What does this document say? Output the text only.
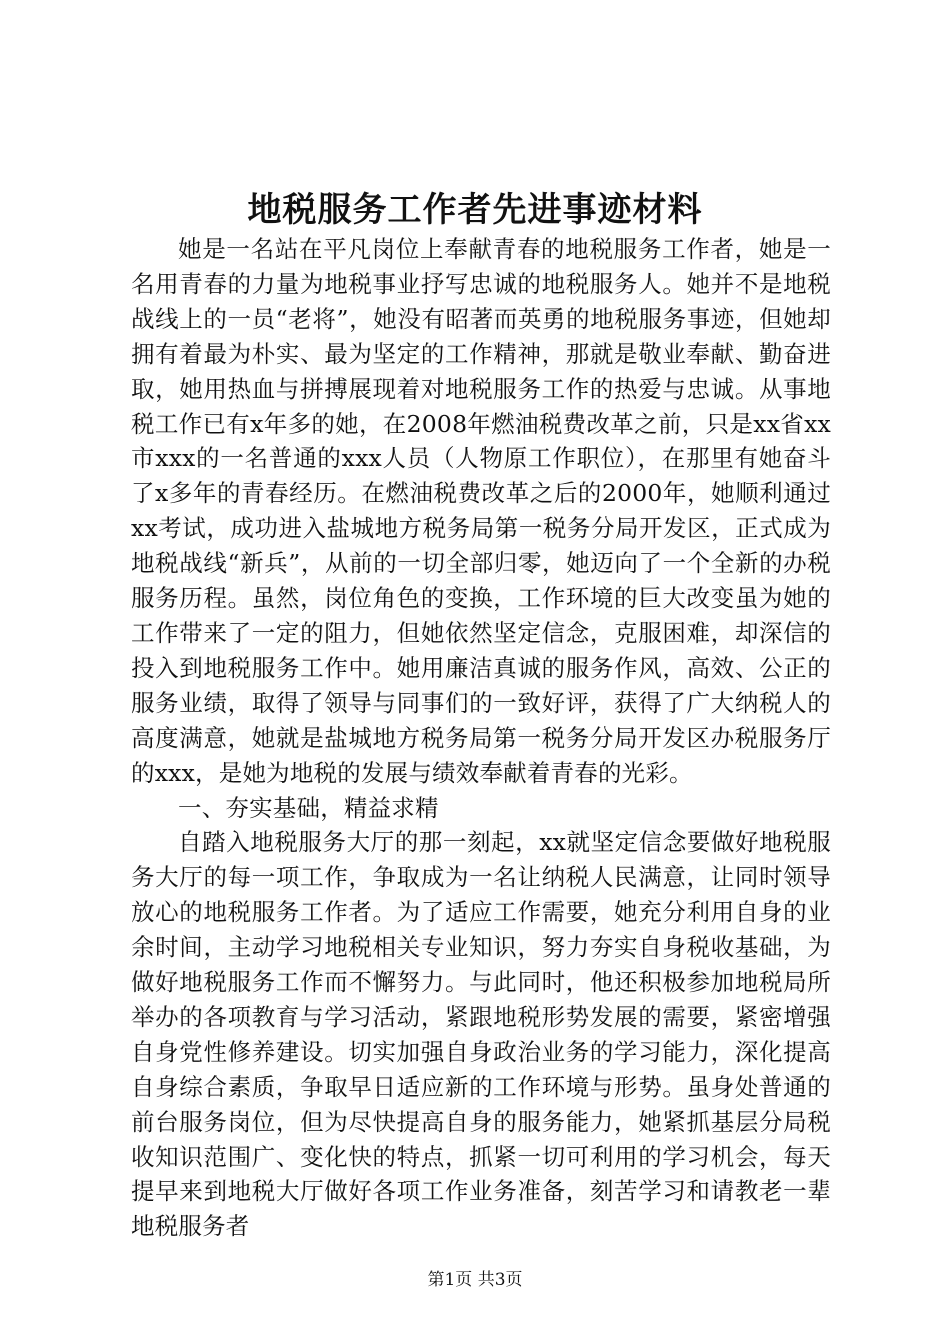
地税服务工作者先进事迹材料

她是一名站在平凡岗位上奉献青春的地税服务工作者，她是一名用青春的力量为地税事业抒写忠诚的地税服务人。她并不是地税战线上的一员“老将”，她没有昭著而英勇的地税服务事迹，但她却拥有着最为朴实、最为坚定的工作精神，那就是敬业奉献、勤奋进取，她用热血与拼搏展现着对地税服务工作的热爱与忠诚。从事地税工作已有x年多的她，在2008年燃油税费改革之前，只是xx省xx市xxx的一名普通的xxx人员（人物原工作职位），在那里有她奋斗了x多年的青春经历。在燃油税费改革之后的2000年，她顺利通过xx考试，成功进入盐城地方税务局第一税务分局开发区，正式成为地税战线“新兵”，从前的一切全部归零，她迈向了一个全新的办税服务历程。虽然，岗位角色的变换，工作环境的巨大改变虽为她的工作带来了一定的阻力，但她依然坚定信念，克服困难，却深信的投入到地税服务工作中。她用廉洁真诚的服务作风，高效、公正的服务业绩，取得了领导与同事们的一致好评，获得了广大纳税人的高度满意，她就是盐城地方税务局第一税务分局开发区办税服务厅的xxx，是她为地税的发展与绩效奉献着青春的光彩。

一、夯实基础，精益求精

自踏入地税服务大厅的那一刻起，xx就坚定信念要做好地税服务大厅的每一项工作，争取成为一名让纳税人民满意，让同时领导放心的地税服务工作者。为了适应工作需要，她充分利用自身的业余时间，主动学习地税相关专业知识，努力夯实自身税收基础，为做好地税服务工作而不懈努力。与此同时，他还积极参加地税局所举办的各项教育与学习活动，紧跟地税形势发展的需要，紧密增强自身党性修养建设。切实加强自身政治业务的学习能力，深化提高自身综合素质，争取早日适应新的工作环境与形势。虽身处普通的前台服务岗位，但为尽快提高自身的服务能力，她紧抓基层分局税收知识范围广、变化快的特点，抓紧一切可利用的学习机会，每天提早来到地税大厅做好各项工作业务准备，刻苦学习和请教老一辈地税服务者

第1页 共3页
